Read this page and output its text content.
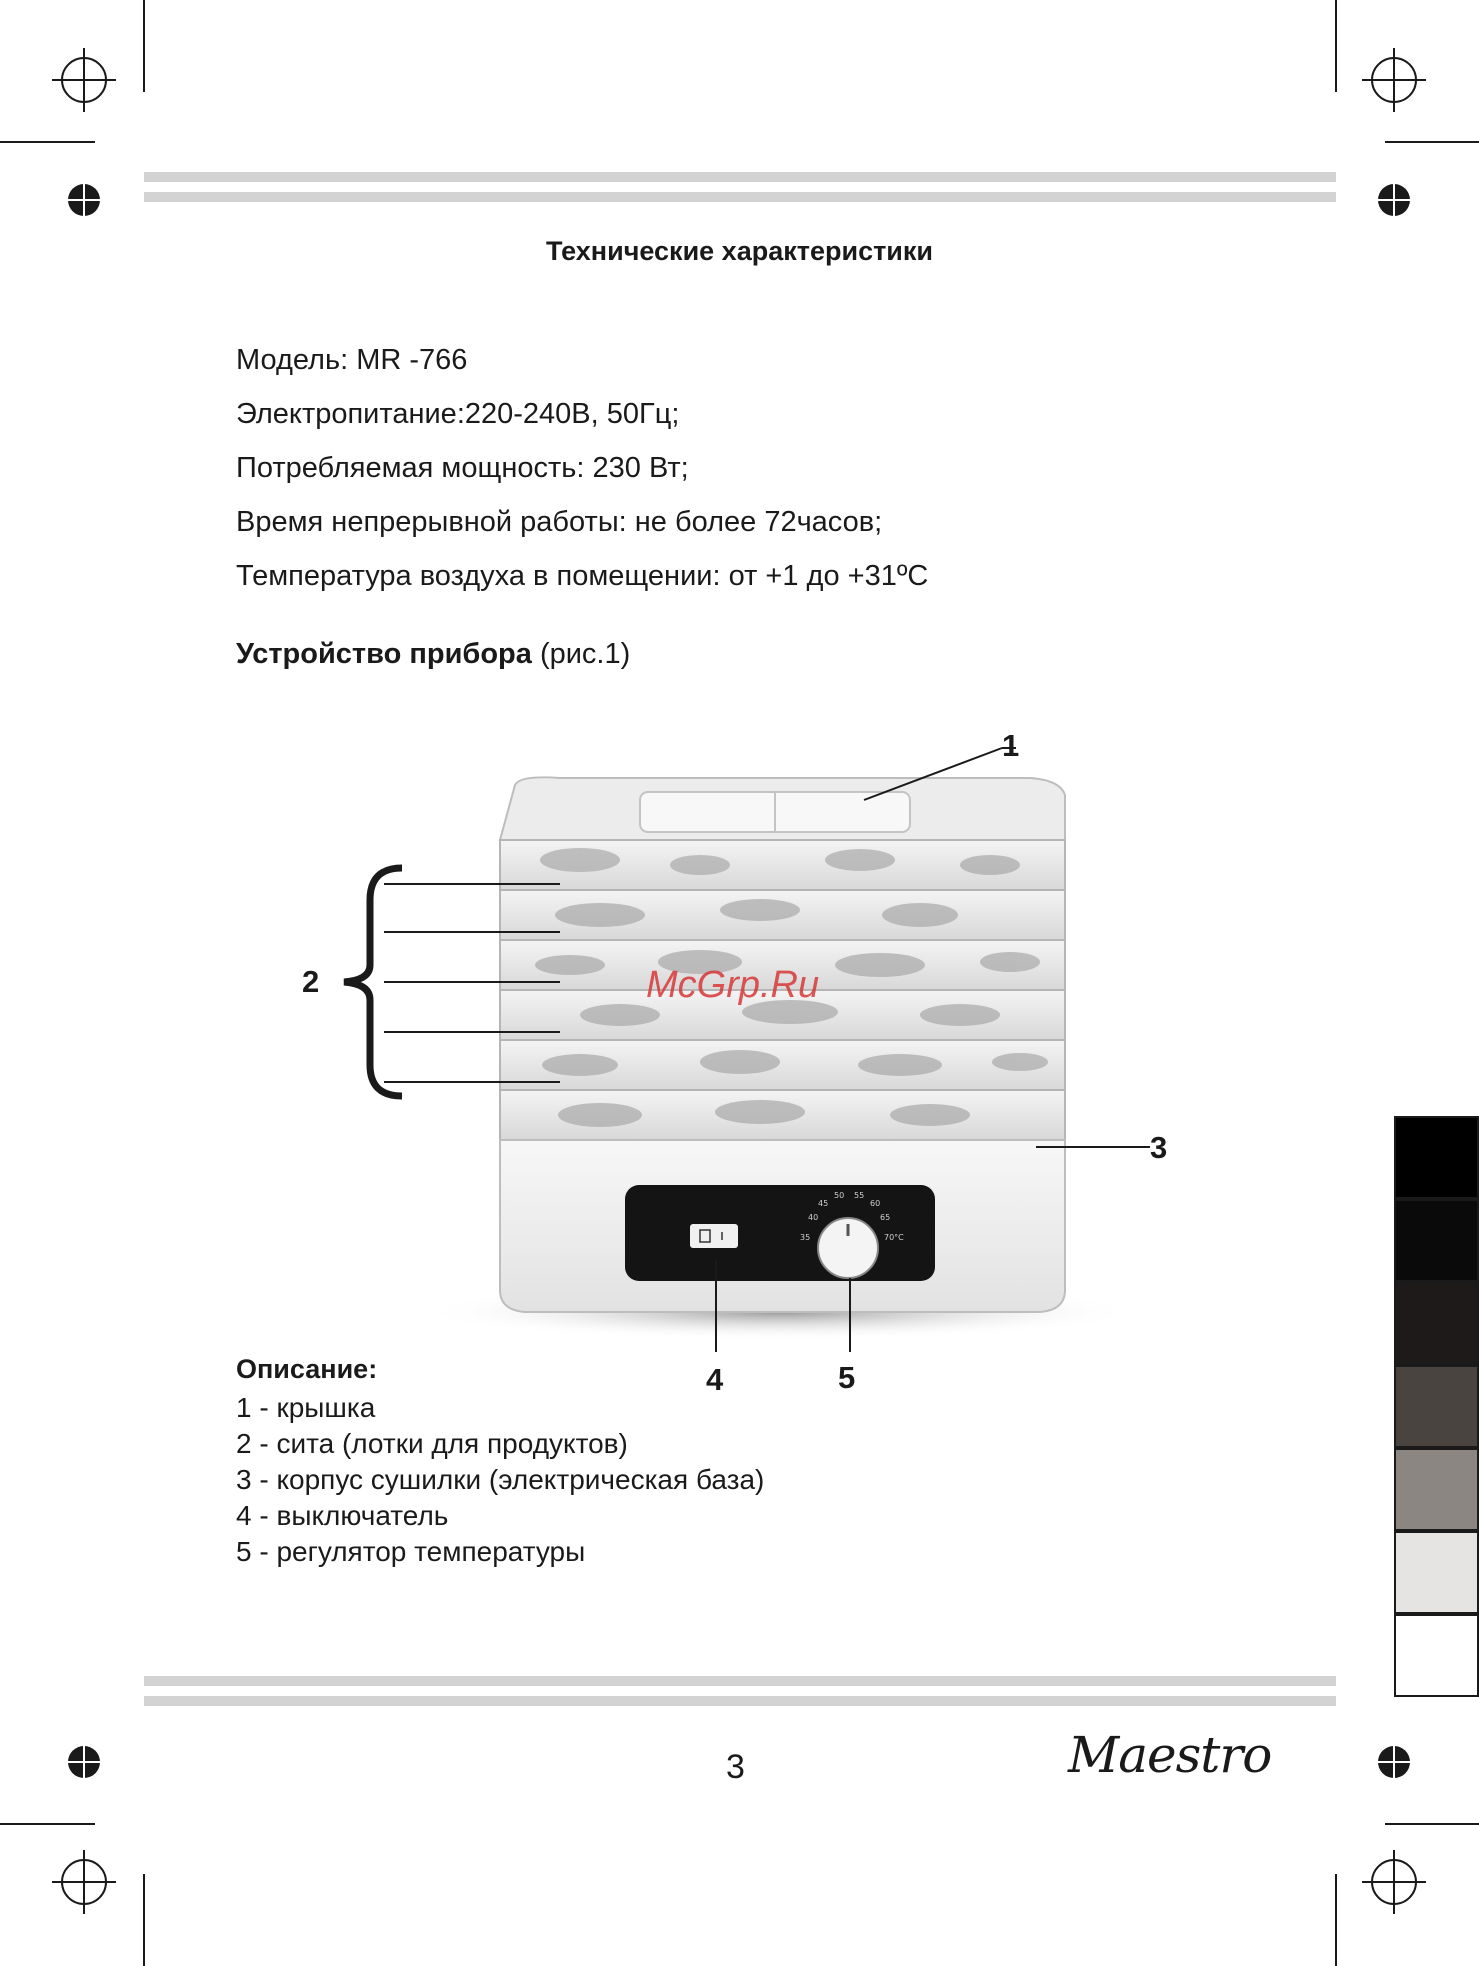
Технические характеристики
Модель: MR -766
Электропитание:220-240В, 50Гц;
Потребляемая мощность: 230 Вт;
Время непрерывной работы: не более 72часов;
Температура воздуха в помещении: от +1 до +31ºC
Устройство прибора (рис.1)
35
40
45
50 55
60
65
70°C
McGrp.Ru
1
2
3
4	5
Описание:
1 - крышка
2 - сита (лотки для продуктов)
3 - корпус сушилки (электрическая база)
4 - выключатель
5 - регулятор температуры
3	Maestro
